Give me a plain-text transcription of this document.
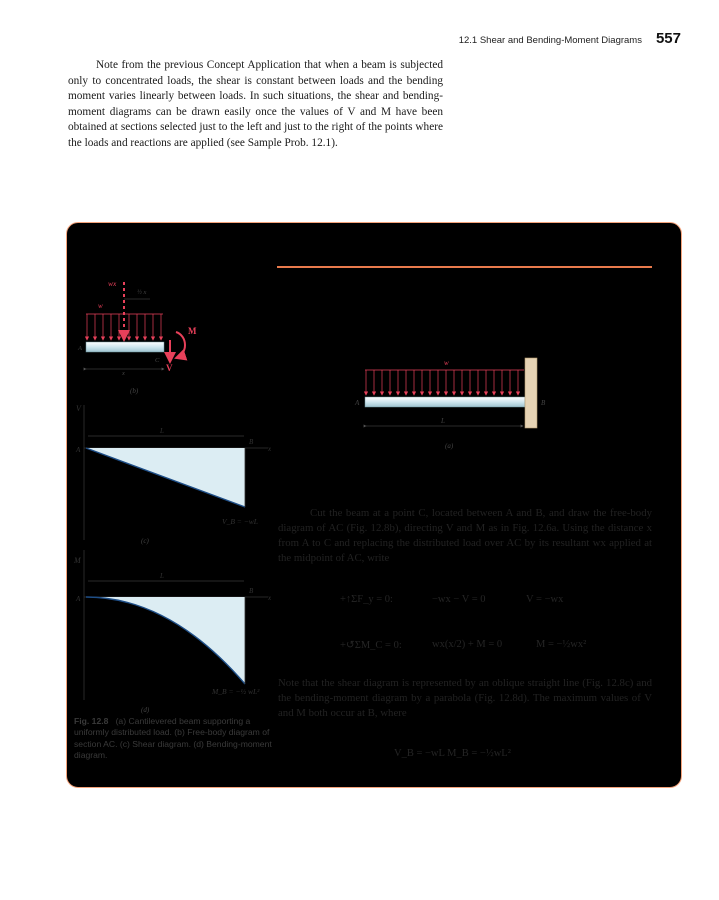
12.1 Shear and Bending-Moment Diagrams 557

Note from the previous Concept Application that when a beam is subjected only to concentrated loads, the shear is constant between loads and the bending moment varies linearly between loads. In such situations, the shear and bending-moment diagrams can be drawn easily once the values of V and M have been obtained at sections selected just to the left and just to the right of the points where the loads and reactions are applied (see Sample Prob. 12.1).

wx
½ x
w
M
V
A
C
x
(b)
V
x
L
A
B
V_B = −wL
(c)
M
x
L
A
B
M_B = −½ wL²
(d)
w
A	B
L
(a)

Fig. 12.8 (a) Cantilevered beam supporting a uniformly distributed load. (b) Free-body diagram of section AC. (c) Shear diagram. (d) Bending-moment diagram.

Cut the beam at a point C, located between A and B, and draw the free-body diagram of AC (Fig. 12.8b), directing V and M as in Fig. 12.6a. Using the distance x from A to C and replacing the distributed load over AC by its resultant wx applied at the midpoint of AC, write

+↑ΣF_y = 0:	−wx − V = 0	V = −wx
+↺ΣM_C = 0:	wx(x/2) + M = 0	M = −½wx²

Note that the shear diagram is represented by an oblique straight line (Fig. 12.8c) and the bending-moment diagram by a parabola (Fig. 12.8d). The maximum values of V and M both occur at B, where

V_B = −wL M_B = −½wL²
